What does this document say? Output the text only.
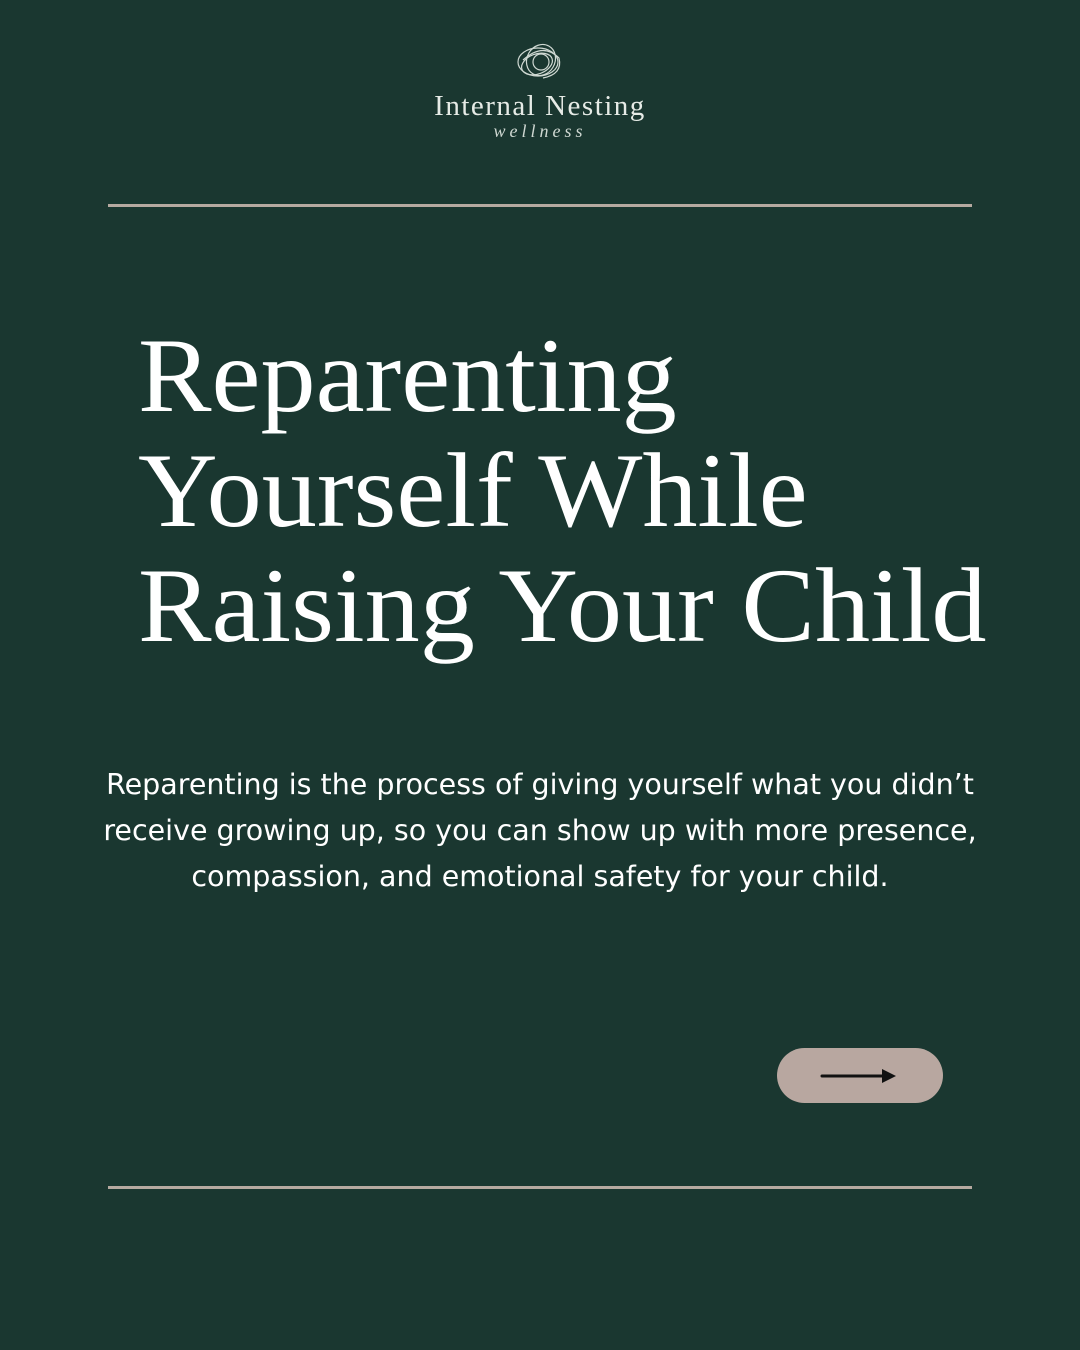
Internal Nesting
wellness
Reparenting
Yourself While
Raising Your Child
Reparenting is the process of giving yourself what you didn’t receive growing up, so you can show up with more presence, compassion, and emotional safety for your child.
